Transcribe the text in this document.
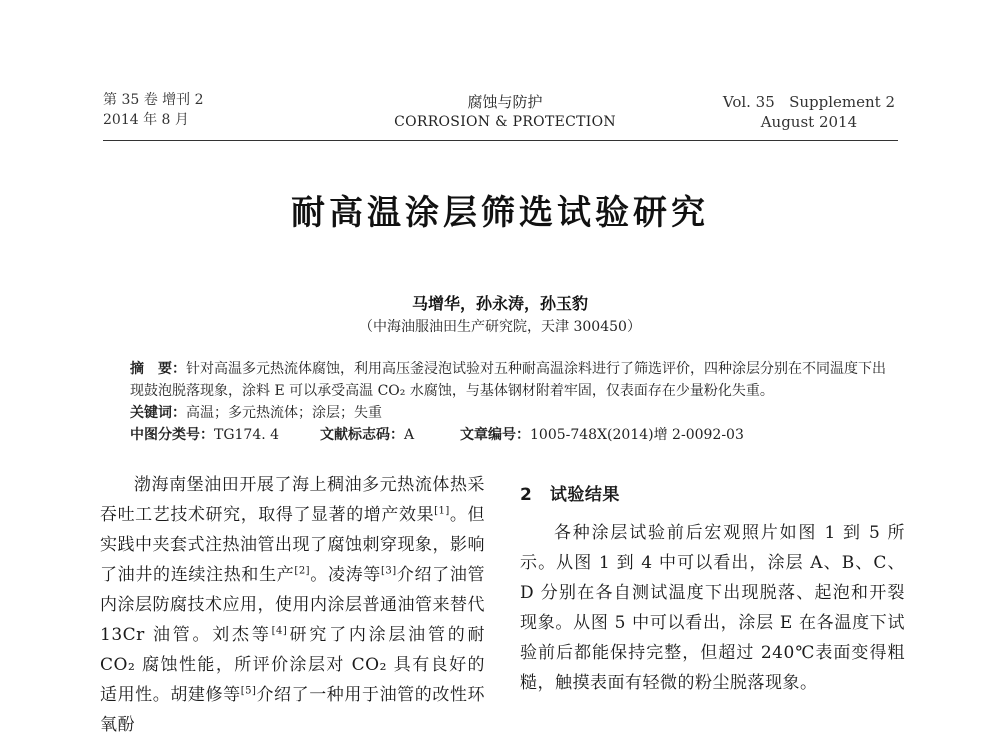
第 35 卷 增刊 2
2014 年 8 月
腐蚀与防护
CORROSION & PROTECTION
Vol. 35   Supplement 2
August 2014
耐高温涂层筛选试验研究
马增华，孙永涛，孙玉豹
（中海油服油田生产研究院，天津 300450）

摘　要：针对高温多元热流体腐蚀，利用高压釜浸泡试验对五种耐高温涂料进行了筛选评价，四种涂层分别在不同温度下出现鼓泡脱落现象，涂料 E 可以承受高温 CO₂ 水腐蚀，与基体钢材附着牢固，仅表面存在少量粉化失重。

关键词：高温；多元热流体；涂层；失重

中图分类号：TG174. 4	文献标志码：A	文章编号：1005-748X(2014)增 2-0092-03

渤海南堡油田开展了海上稠油多元热流体热采吞吐工艺技术研究，取得了显著的增产效果[1]。但实践中夹套式注热油管出现了腐蚀刺穿现象，影响了油井的连续注热和生产[2]。凌涛等[3]介绍了油管内涂层防腐技术应用，使用内涂层普通油管来替代 13Cr 油管。刘杰等[4]研究了内涂层油管的耐 CO₂ 腐蚀性能，所评价涂层对 CO₂ 具有良好的适用性。胡建修等[5]介绍了一种用于油管的改性环氧酚

2　试验结果

各种涂层试验前后宏观照片如图 1 到 5 所示。从图 1 到 4 中可以看出，涂层 A、B、C、D 分别在各自测试温度下出现脱落、起泡和开裂现象。从图 5 中可以看出，涂层 E 在各温度下试验前后都能保持完整，但超过 240℃表面变得粗糙，触摸表面有轻微的粉尘脱落现象。
